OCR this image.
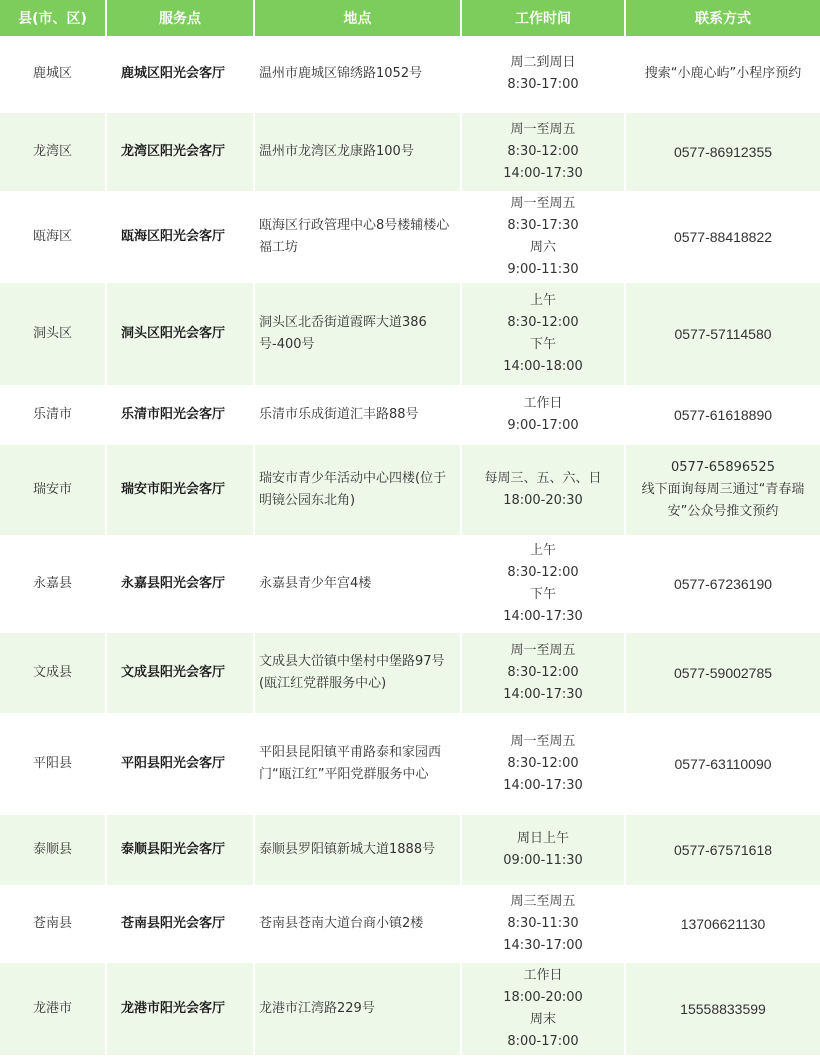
县(市、区)	服务点	地点	工作时间	联系方式
鹿城区	鹿城区阳光会客厅	温州市鹿城区锦绣路1052号	周二到周日
8:30-17:00	搜索“小鹿心屿”小程序预约

龙湾区	龙湾区阳光会客厅	温州市龙湾区龙康路100号	周一至周五
8:30-12:00
14:00-17:30	0577-86912355

瓯海区	瓯海区阳光会客厅	瓯海区行政管理中心8号楼辅楼心福工坊	周一至周五
8:30-17:30
周六
9:00-11:30	0577-88418822

洞头区	洞头区阳光会客厅	洞头区北岙街道霞晖大道386号-400号	上午
8:30-12:00
下午
14:00-18:00	0577-57114580

乐清市	乐清市阳光会客厅	乐清市乐成街道汇丰路88号	工作日
9:00-17:00	0577-61618890

瑞安市	瑞安市阳光会客厅	瑞安市青少年活动中心四楼(位于明镜公园东北角)	每周三、五、六、日
18:00-20:30	0577-65896525
线下面询每周三通过“青春瑞安”公众号推文预约

永嘉县	永嘉县阳光会客厅	永嘉县青少年宫4楼	上午
8:30-12:00
下午
14:00-17:30	0577-67236190

文成县	文成县阳光会客厅	文成县大峃镇中堡村中堡路97号(瓯江红党群服务中心)	周一至周五
8:30-12:00
14:00-17:30	0577-59002785

平阳县	平阳县阳光会客厅	平阳县昆阳镇平甫路泰和家园西门“瓯江红”平阳党群服务中心	周一至周五
8:30-12:00
14:00-17:30	0577-63110090

泰顺县	泰顺县阳光会客厅	泰顺县罗阳镇新城大道1888号	周日上午
09:00-11:30	0577-67571618

苍南县	苍南县阳光会客厅	苍南县苍南大道台商小镇2楼	周三至周五
8:30-11:30
14:30-17:00	13706621130

龙港市	龙港市阳光会客厅	龙港市江湾路229号	工作日
18:00-20:00
周末
8:00-17:00	15558833599
